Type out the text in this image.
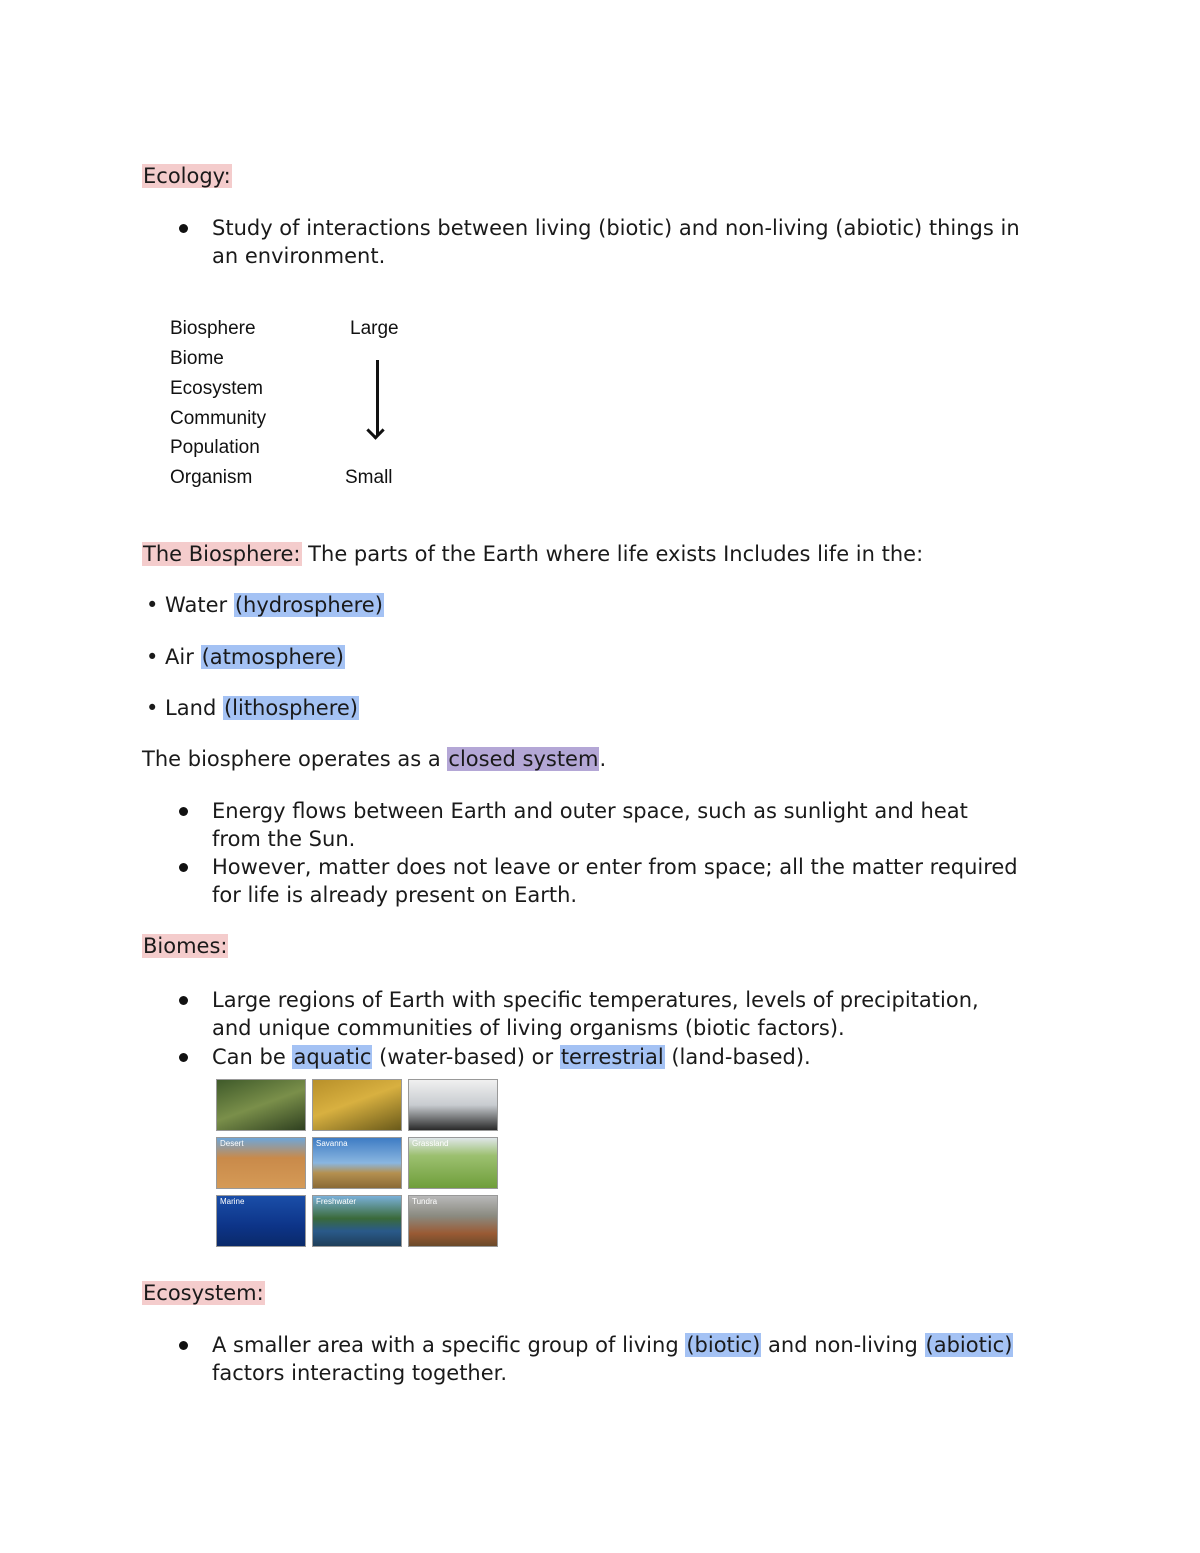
Ecology:
Study of interactions between living (biotic) and non-living (abiotic) things in
an environment.
Biosphere
Biome
Ecosystem
Community
Population
Organism
Large
Small
The Biosphere: The parts of the Earth where life exists Includes life in the:
• Water (hydrosphere)
• Air (atmosphere)
• Land (lithosphere)
The biosphere operates as a closed system.
Energy flows between Earth and outer space, such as sunlight and heat
from the Sun.
However, matter does not leave or enter from space; all the matter required
for life is already present on Earth.
Biomes:
Large regions of Earth with specific temperatures, levels of precipitation,
and unique communities of living organisms (biotic factors).
Can be aquatic (water-based) or terrestrial (land-based).
Desert	Savanna	Grassland
Marine	Freshwater	Tundra
Ecosystem:
A smaller area with a specific group of living (biotic) and non-living (abiotic)
factors interacting together.
